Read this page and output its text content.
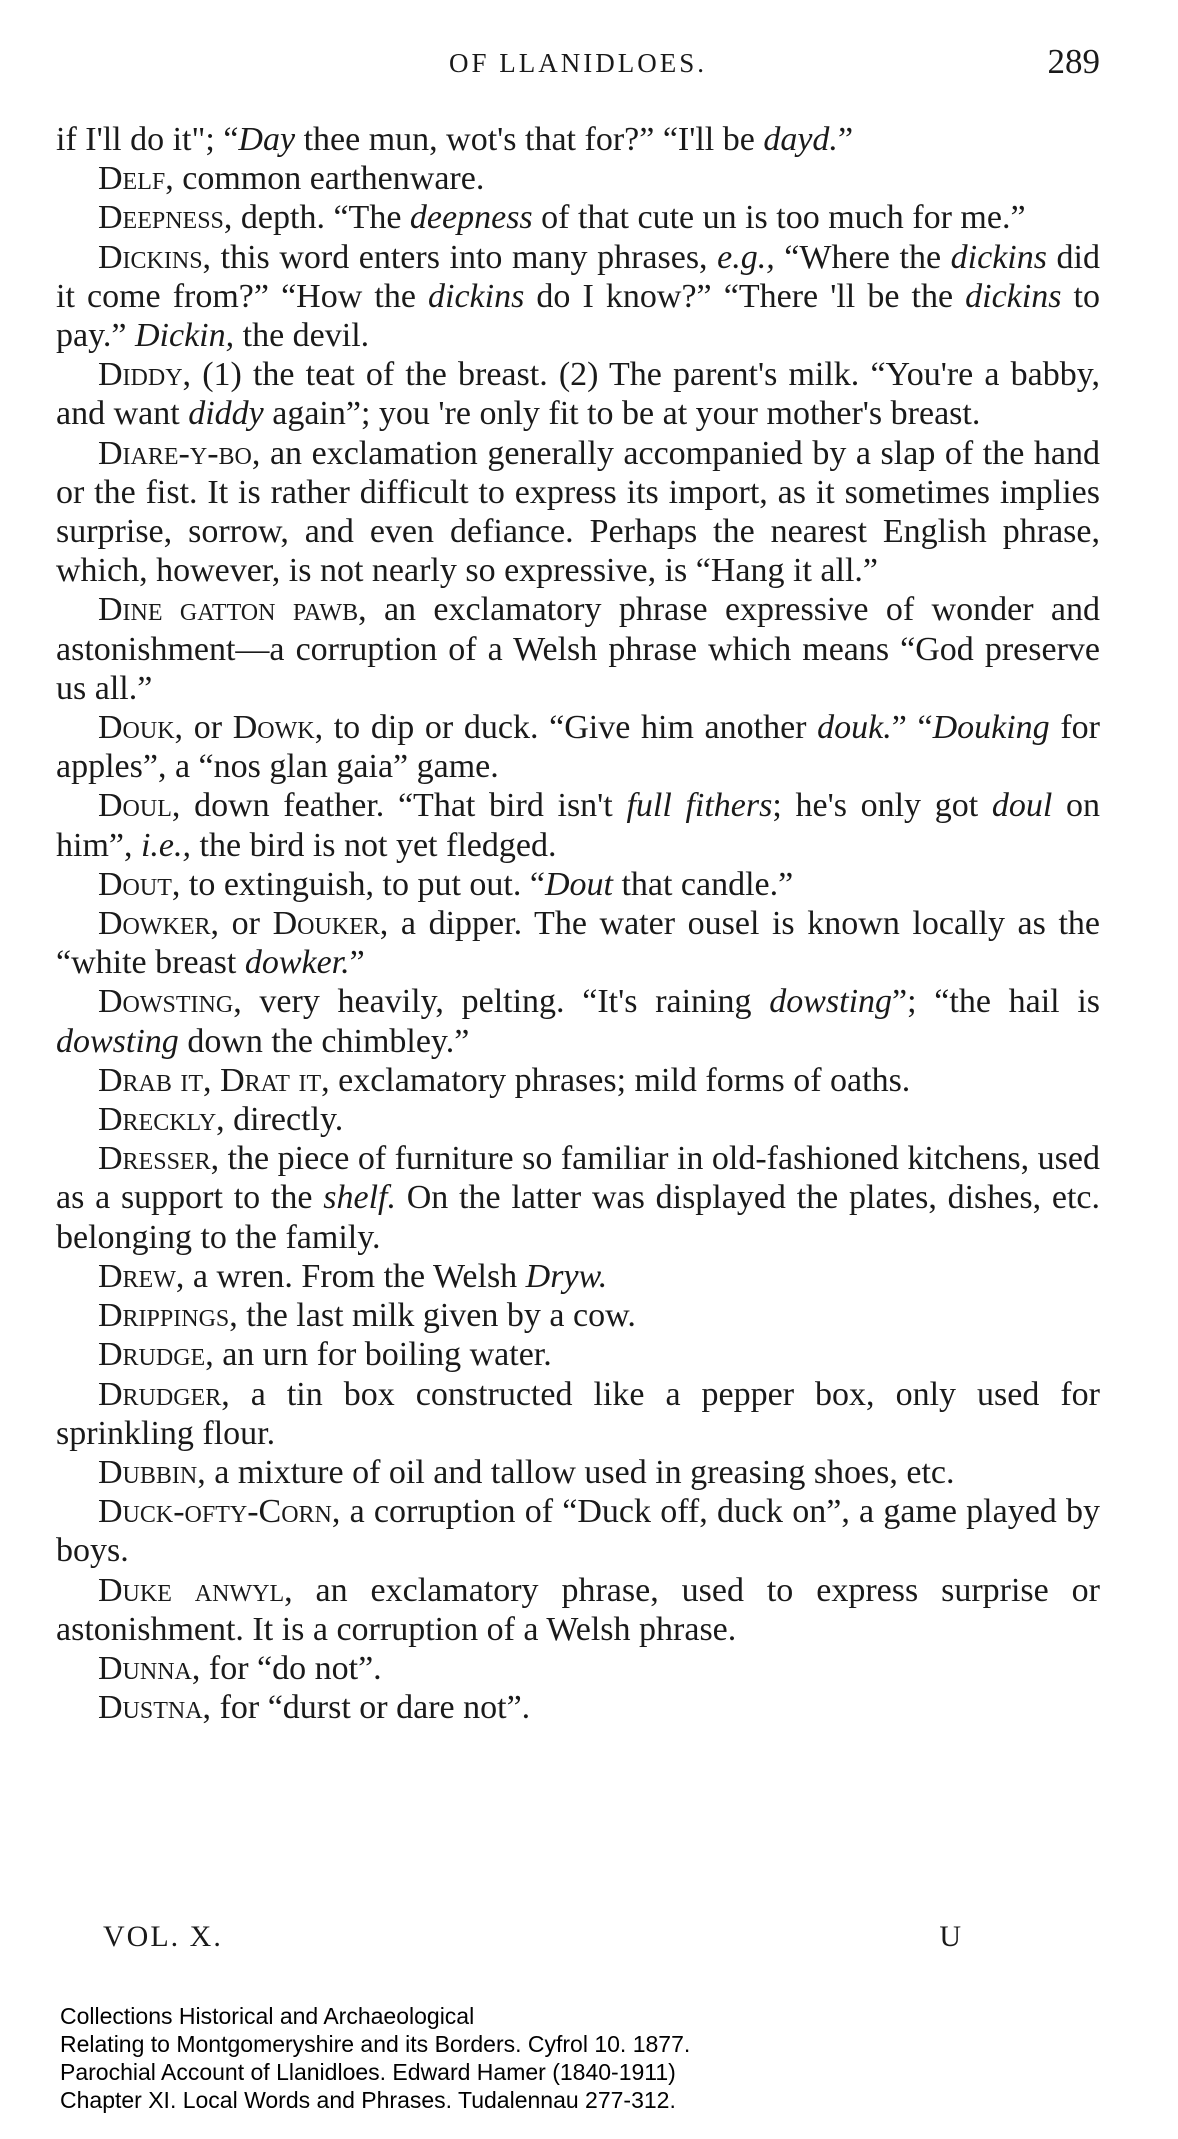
OF LLANIDLOES.	289

if I'll do it"; “Day thee mun, wot's that for?” “I'll be dayd.”

Delf, common earthenware.

Deepness, depth. “The deepness of that cute un is too much for me.”

Dickins, this word enters into many phrases, e.g., “Where the dickins did it come from?” “How the dickins do I know?” “There 'll be the dickins to pay.” Dickin, the devil.

Diddy, (1) the teat of the breast. (2) The parent's milk. “You're a babby, and want diddy again”; you 're only fit to be at your mother's breast.

Diare-y-bo, an exclamation generally accompanied by a slap of the hand or the fist. It is rather difficult to express its import, as it sometimes implies surprise, sorrow, and even defiance. Perhaps the nearest English phrase, which, however, is not nearly so expressive, is “Hang it all.”

Dine gatton pawb, an exclamatory phrase expressive of wonder and astonishment—a corruption of a Welsh phrase which means “God preserve us all.”

Douk, or Dowk, to dip or duck. “Give him another douk.” “Douking for apples”, a “nos glan gaia” game.

Doul, down feather. “That bird isn't full fithers; he's only got doul on him”, i.e., the bird is not yet fledged.

Dout, to extinguish, to put out. “Dout that candle.”

Dowker, or Douker, a dipper. The water ousel is known locally as the “white breast dowker.”

Dowsting, very heavily, pelting. “It's raining dowsting”; “the hail is dowsting down the chimbley.”

Drab it, Drat it, exclamatory phrases; mild forms of oaths.

Dreckly, directly.

Dresser, the piece of furniture so familiar in old-fashioned kitchens, used as a support to the shelf. On the latter was displayed the plates, dishes, etc. belonging to the family.

Drew, a wren. From the Welsh Dryw.

Drippings, the last milk given by a cow.

Drudge, an urn for boiling water.

Drudger, a tin box constructed like a pepper box, only used for sprinkling flour.

Dubbin, a mixture of oil and tallow used in greasing shoes, etc.

Duck-ofty-Corn, a corruption of “Duck off, duck on”, a game played by boys.

Duke anwyl, an exclamatory phrase, used to express surprise or astonishment. It is a corruption of a Welsh phrase.

Dunna, for “do not”.

Dustna, for “durst or dare not”.

VOL. X.	U
Collections Historical and Archaeological
Relating to Montgomeryshire and its Borders. Cyfrol 10. 1877.
Parochial Account of Llanidloes. Edward Hamer (1840-1911)
Chapter XI. Local Words and Phrases. Tudalennau 277-312.
